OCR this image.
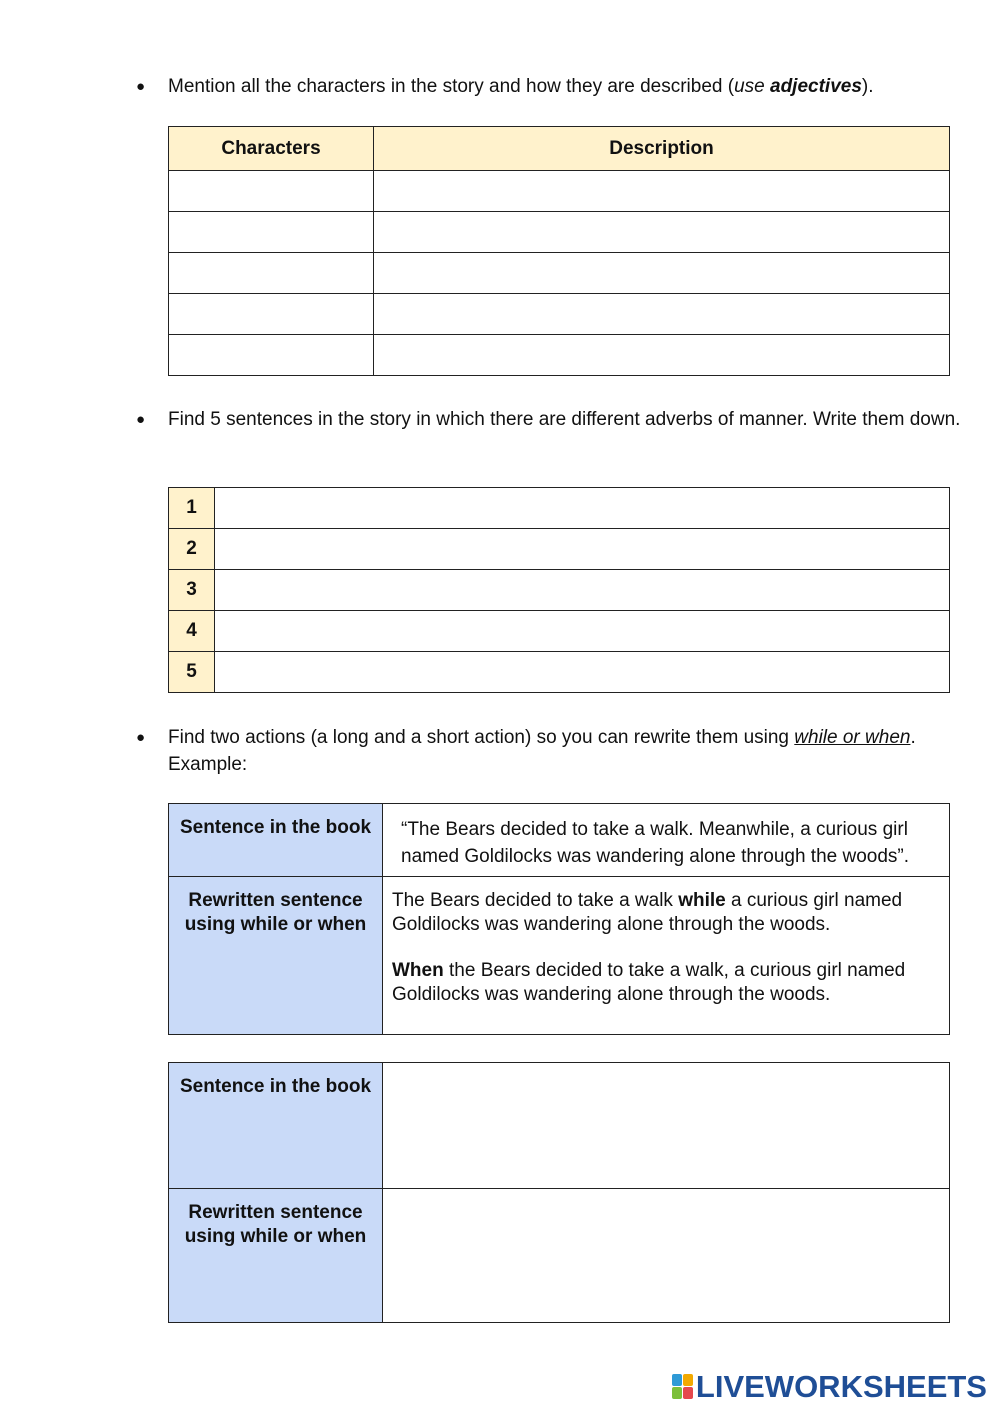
● Mention all the characters in the story and how they are described (use adjectives).
Characters	Description

● Find 5 sentences in the story in which there are different adverbs of manner. Write them down.
1	
2	
3	
4	
5	
● Find two actions (a long and a short action) so you can rewrite them using while or when. Example:
Sentence in the book	“The Bears decided to take a walk. Meanwhile, a curious girl named Goldilocks was wandering alone through the woods”.
Rewritten sentence using while or when	The Bears decided to take a walk while a curious girl named Goldilocks was wandering alone through the woods.

When the Bears decided to take a walk, a curious girl named Goldilocks was wandering alone through the woods.

Sentence in the book	
Rewritten sentence using while or when	
LIVEWORKSHEETS
